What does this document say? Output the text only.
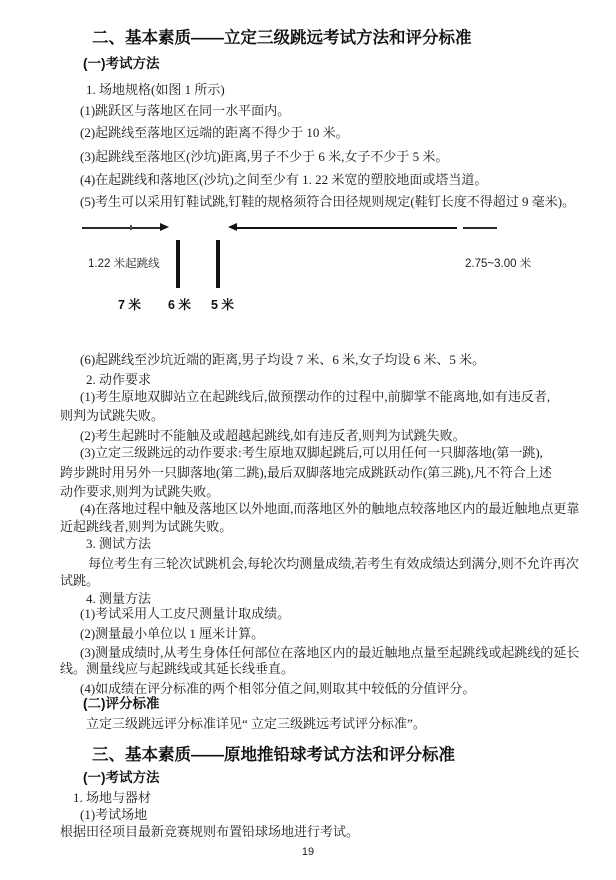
二、基本素质——立定三级跳远考试方法和评分标准
(一)考试方法
1. 场地规格(如图 1 所示)
(1)跳跃区与落地区在同一水平面内。
(2)起跳线至落地区远端的距离不得少于 10 米。
(3)起跳线至落地区(沙坑)距离,男子不少于 6 米,女子不少于 5 米。
(4)在起跳线和落地区(沙坑)之间至少有 1. 22 米宽的塑胶地面或塔当道。
(5)考生可以采用钉鞋试跳,钉鞋的规格须符合田径规则规定(鞋钉长度不得超过 9 毫米)。
1.22 米起跳线	2.75~3.00 米
7 米 6 米 5 米
(6)起跳线至沙坑近端的距离,男子均设 7 米、6 米,女子均设 6 米、5 米。
2. 动作要求
(1)考生原地双脚站立在起跳线后,做预摆动作的过程中,前脚掌不能离地,如有违反者,
则判为试跳失败。
(2)考生起跳时不能触及或超越起跳线,如有违反者,则判为试跳失败。
(3)立定三级跳远的动作要求:考生原地双脚起跳后,可以用任何一只脚落地(第一跳),
跨步跳时用另外一只脚落地(第二跳),最后双脚落地完成跳跃动作(第三跳),凡不符合上述
动作要求,则判为试跳失败。
(4)在落地过程中触及落地区以外地面,而落地区外的触地点较落地区内的最近触地点更靠
近起跳线者,则判为试跳失败。
3. 测试方法
每位考生有三轮次试跳机会,每轮次均测量成绩,若考生有效成绩达到满分,则不允许再次
试跳。
4. 测量方法
(1)考试采用人工皮尺测量计取成绩。
(2)测量最小单位以 1 厘米计算。
(3)测量成绩时,从考生身体任何部位在落地区内的最近触地点量至起跳线或起跳线的延长
线。测量线应与起跳线或其延长线垂直。
(4)如成绩在评分标准的两个相邻分值之间,则取其中较低的分值评分。
(二)评分标准
立定三级跳远评分标准详见“ 立定三级跳远考试评分标准”。
三、基本素质——原地推铅球考试方法和评分标准
(一)考试方法
1. 场地与器材
(1)考试场地
根据田径项目最新竞赛规则布置铅球场地进行考试。
19
